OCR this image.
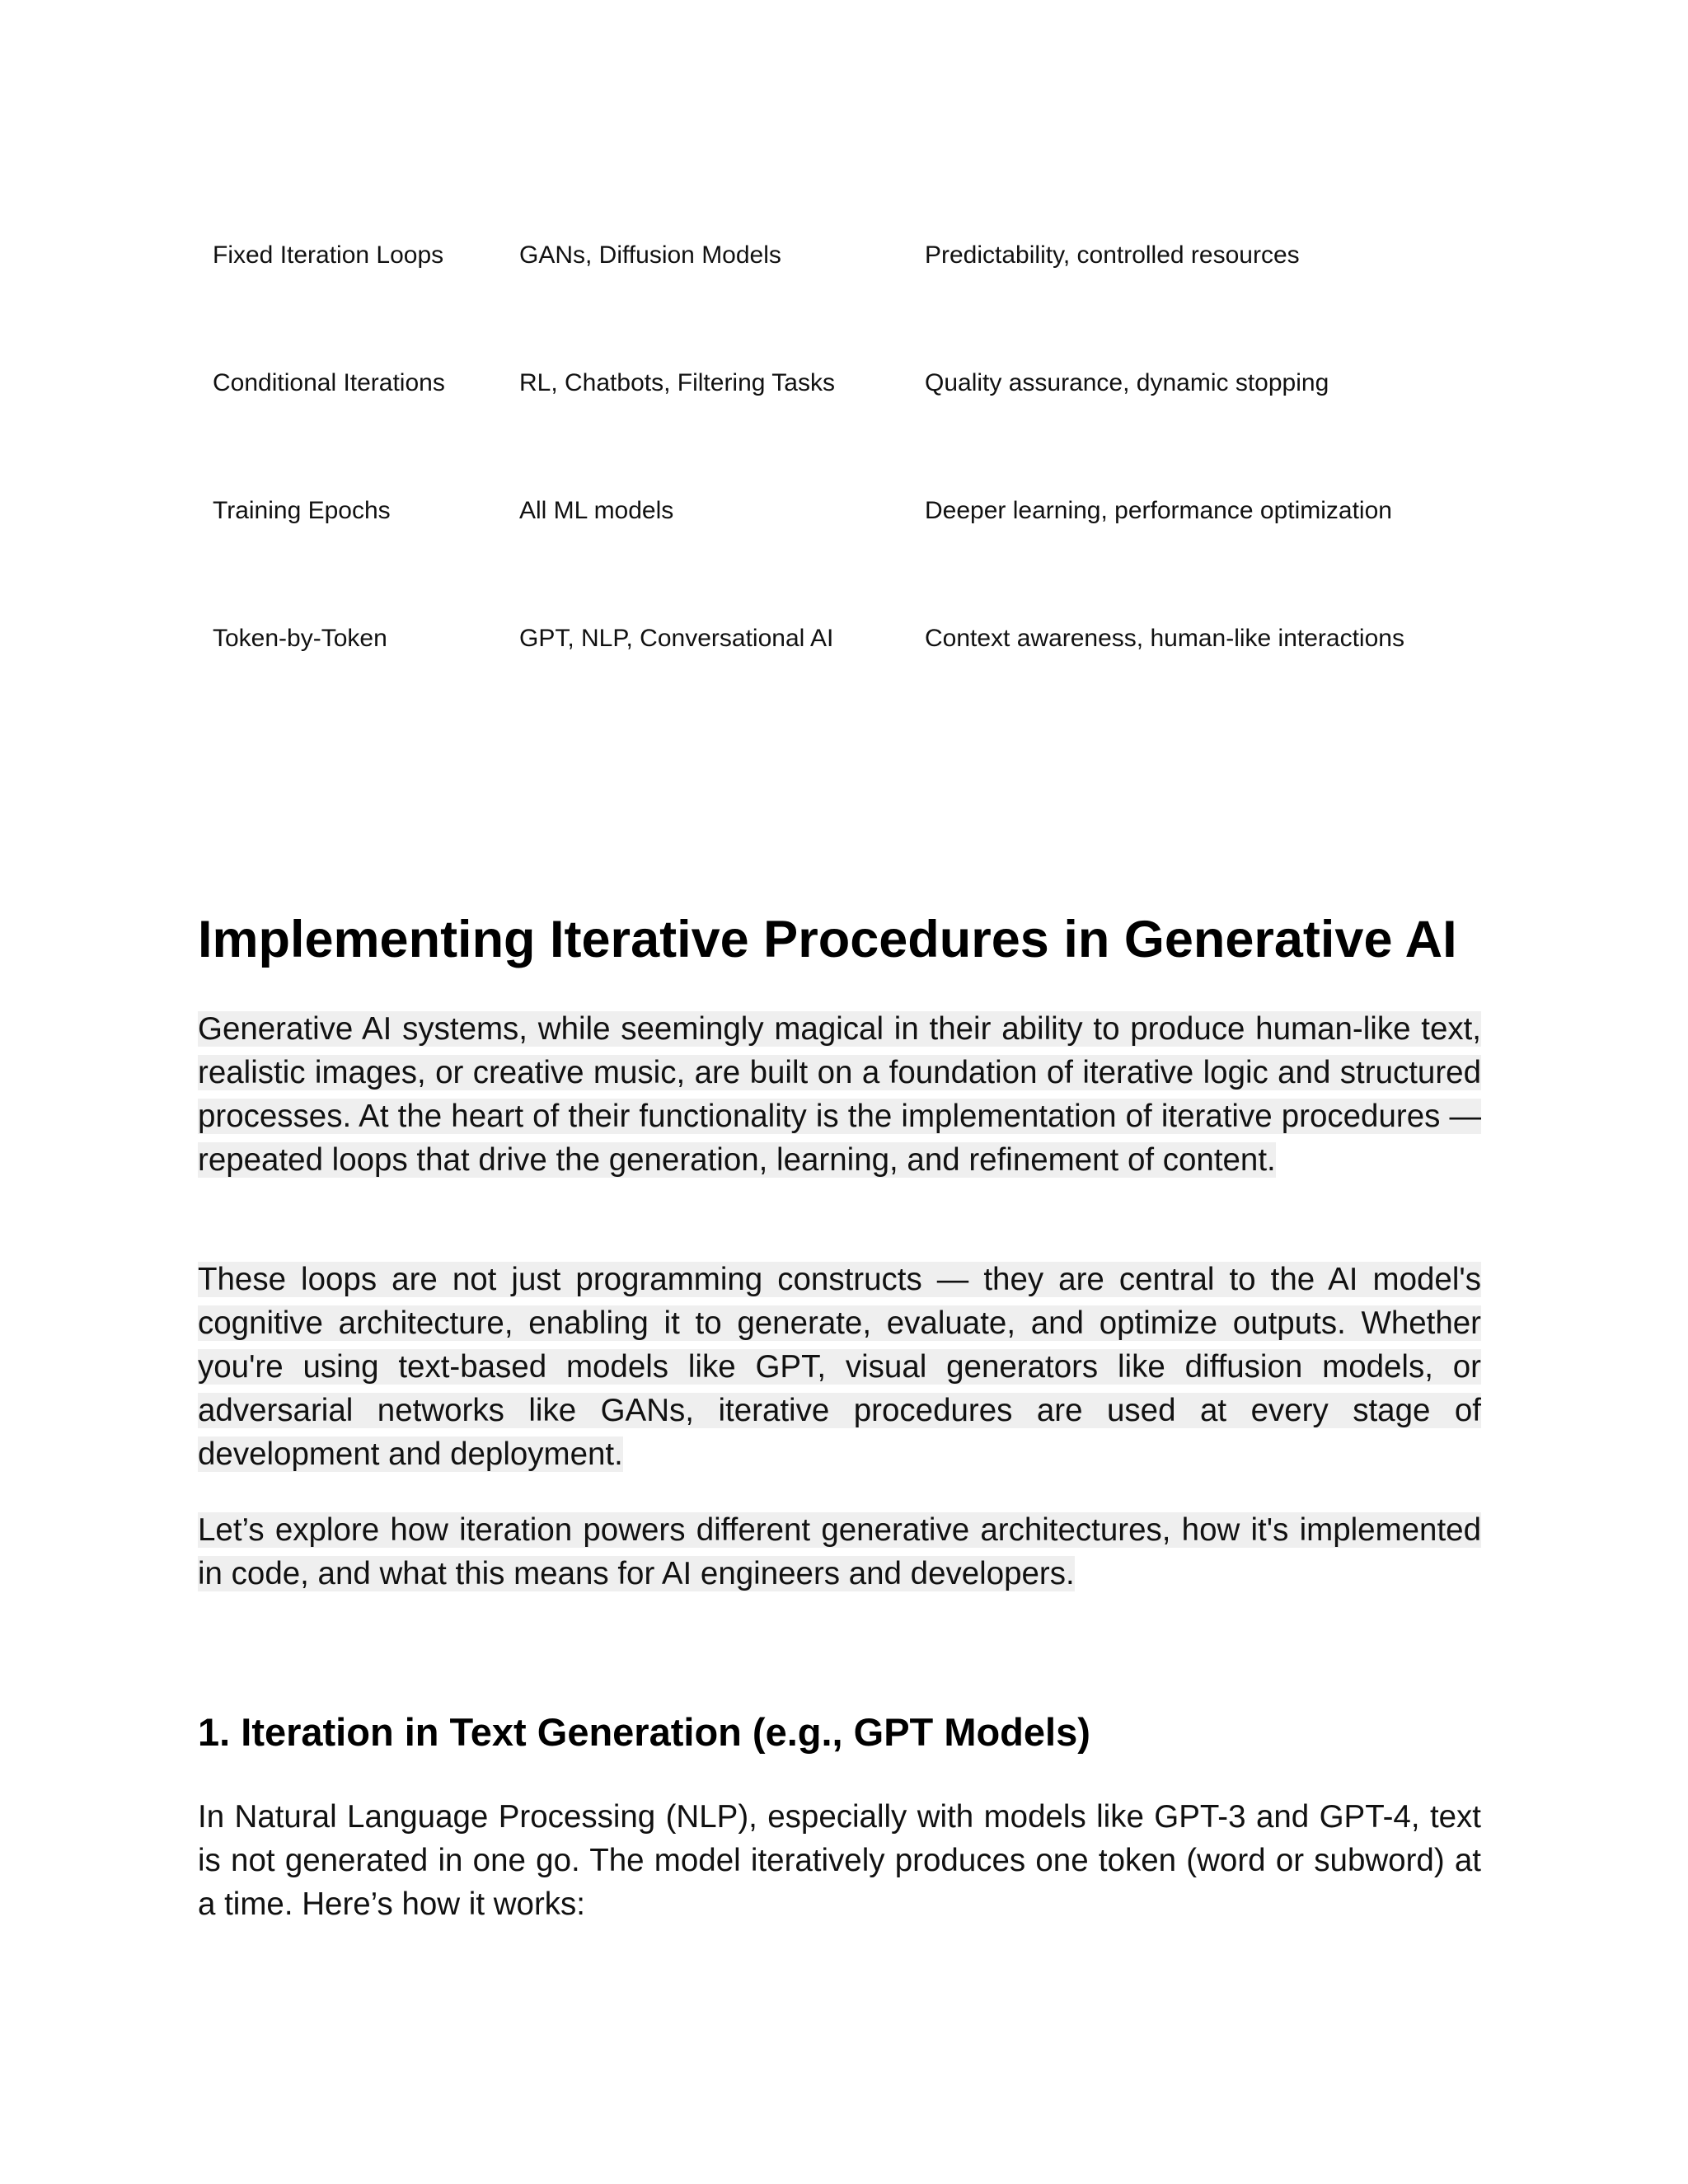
Fixed Iteration Loops	GANs, Diffusion Models	Predictability, controlled resources
Conditional Iterations	RL, Chatbots, Filtering Tasks	Quality assurance, dynamic stopping
Training Epochs	All ML models	Deeper learning, performance optimization
Token-by-Token	GPT, NLP, Conversational AI	Context awareness, human-like interactions
Implementing Iterative Procedures in Generative AI

Generative AI systems, while seemingly magical in their ability to produce human-like text, realistic images, or creative music, are built on a foundation of iterative logic and structured processes. At the heart of their functionality is the implementation of iterative procedures — repeated loops that drive the generation, learning, and refinement of content.

These loops are not just programming constructs — they are central to the AI model's cognitive architecture, enabling it to generate, evaluate, and optimize outputs. Whether you're using text-based models like GPT, visual generators like diffusion models, or adversarial networks like GANs, iterative procedures are used at every stage of development and deployment.

Let’s explore how iteration powers different generative architectures, how it's implemented in code, and what this means for AI engineers and developers.

1. Iteration in Text Generation (e.g., GPT Models)

In Natural Language Processing (NLP), especially with models like GPT-3 and GPT-4, text is not generated in one go. The model iteratively produces one token (word or subword) at a time. Here’s how it works:
